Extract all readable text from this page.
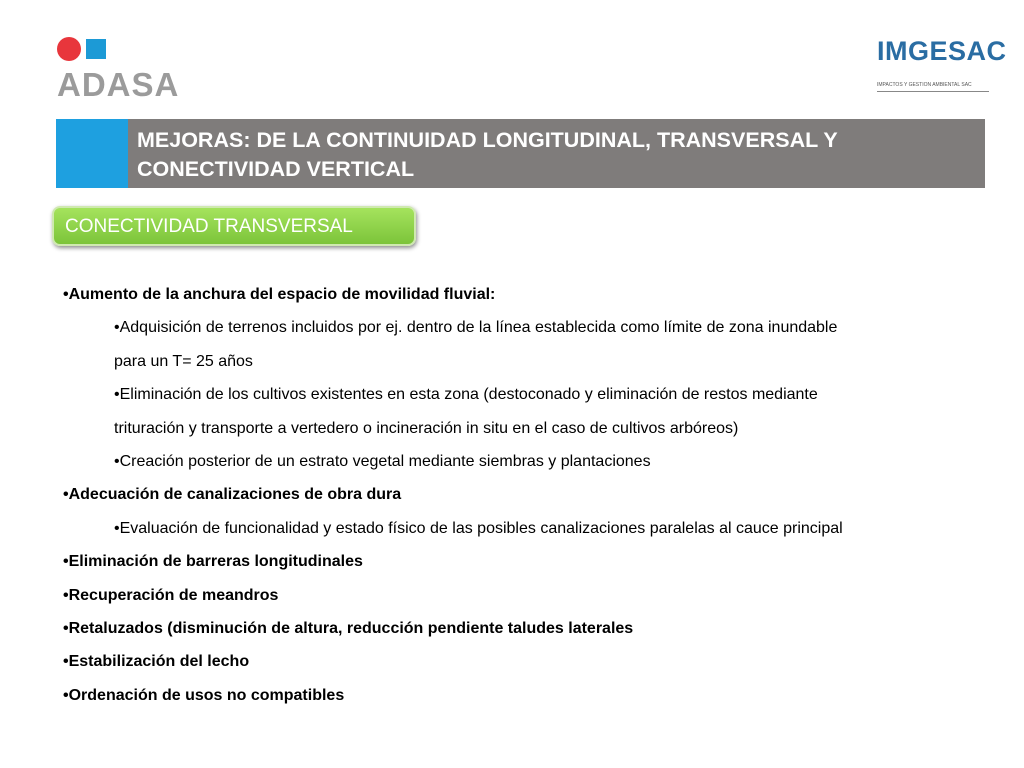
ADASA
IMGESAC
IMPACTOS Y GESTIÓN AMBIENTAL SAC
MEJORAS: DE LA CONTINUIDAD LONGITUDINAL, TRANSVERSAL Y CONECTIVIDAD VERTICAL
CONECTIVIDAD TRANSVERSAL
•Aumento de la anchura del espacio de movilidad fluvial:
•Adquisición de terrenos incluidos por ej. dentro de la línea establecida como límite de zona inundable
para un T= 25 años
•Eliminación de los cultivos existentes en esta zona (destoconado y eliminación de restos mediante
trituración y transporte a vertedero o incineración in situ en el caso de cultivos arbóreos)
•Creación posterior de un estrato vegetal mediante siembras y plantaciones
•Adecuación de canalizaciones de obra dura
•Evaluación de funcionalidad y estado físico de las posibles canalizaciones paralelas al cauce principal
•Eliminación de barreras longitudinales
•Recuperación de meandros
•Retaluzados (disminución de altura, reducción pendiente taludes laterales
•Estabilización del lecho
•Ordenación de usos no compatibles
